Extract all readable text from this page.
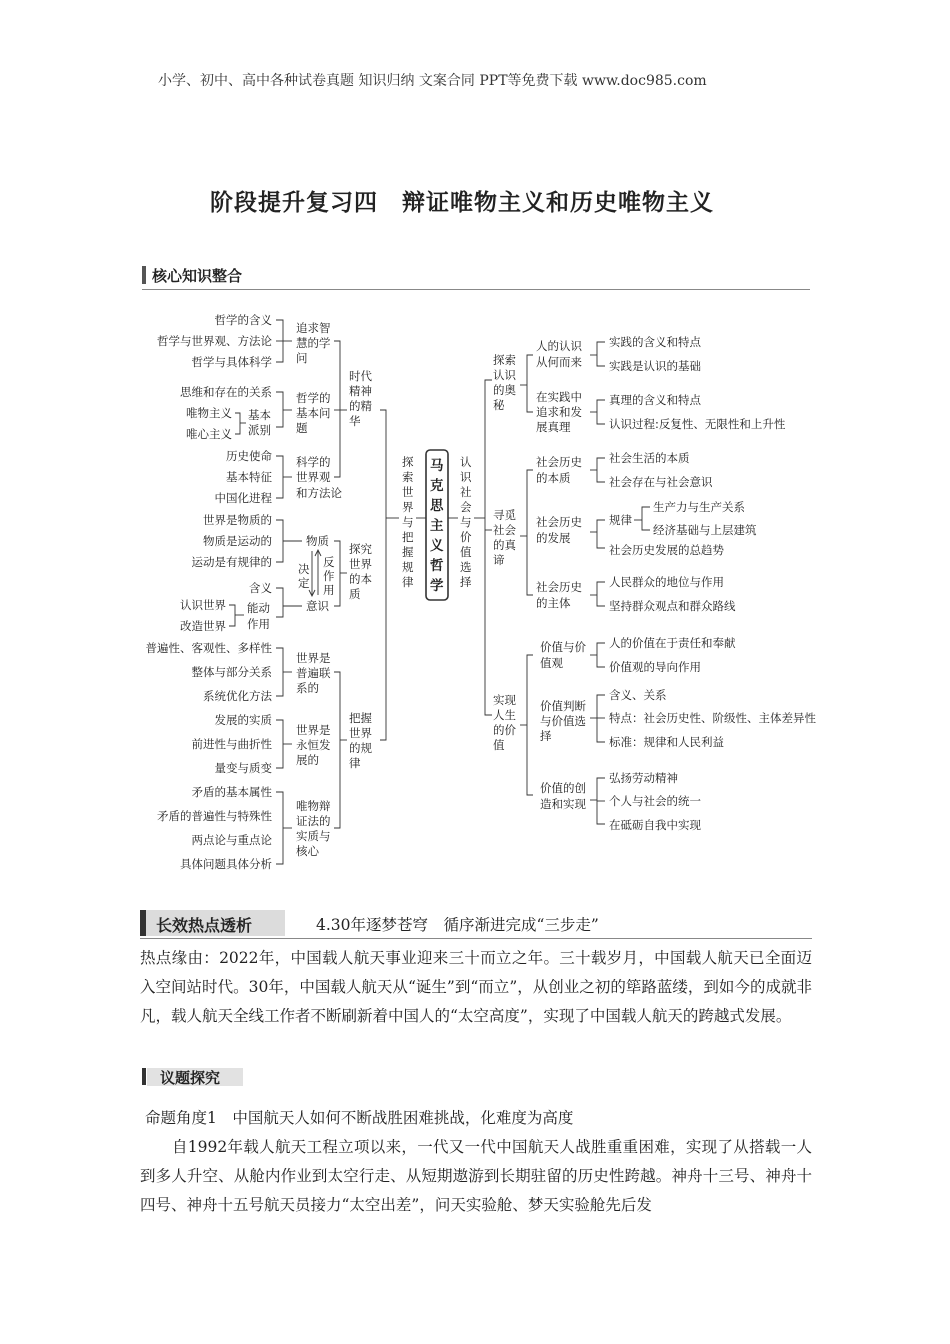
小学、初中、高中各种试卷真题 知识归纳 文案合同 PPT等免费下载 www.doc985.com
阶段提升复习四　辩证唯物主义和历史唯物主义
核心知识整合
哲学的含义
哲学与世界观、方法论
哲学与具体科学
追求智
慧的学
问
思维和存在的关系
唯物主义
唯心主义
基本
派别
哲学的
基本问
题
历史使命
基本特征
中国化进程
科学的
世界观
和方法论
时代
精神
的精
华
世界是物质的
物质是运动的
运动是有规律的
物质
决
定
反
作
用
含义
认识世界
改造世界
能动
作用
意识
探究
世界
的本
质
普遍性、客观性、多样性
整体与部分关系
系统优化方法
世界是
普遍联
系的
发展的实质
前进性与曲折性
量变与质变
世界是
永恒发
展的
矛盾的基本属性
矛盾的普遍性与特殊性
两点论与重点论
具体问题具体分析
唯物辩
证法的
实质与
核心
把握
世界
的规
律
探
索
世
界
与
把
握
规
律
马
克
思
主
义
哲
学
认
识
社
会
与
价
值
选
择
探索
认识
的奥
秘
人的认识
从何而来
实践的含义和特点
实践是认识的基础
在实践中
追求和发
展真理
真理的含义和特点
认识过程:反复性、无限性和上升性
寻觅
社会
的真
谛
社会历史
的本质
社会生活的本质
社会存在与社会意识
社会历史
的发展
规律
生产力与生产关系
经济基础与上层建筑
社会历史发展的总趋势
社会历史
的主体
人民群众的地位与作用
坚持群众观点和群众路线
实现
人生
的价
值
价值与价
值观
人的价值在于责任和奉献
价值观的导向作用
价值判断
与价值选
择
含义、关系
特点：社会历史性、阶级性、主体差异性
标准：规律和人民利益
价值的创
造和实现
弘扬劳动精神
个人与社会的统一
在砥砺自我中实现
长效热点透析	4.30年逐梦苍穹　循序渐进完成“三步走”
热点缘由：2022年，中国载人航天事业迎来三十而立之年。三十载岁月，中国载人航天已全面迈入空间站时代。30年，中国载人航天从“诞生”到“而立”，从创业之初的筚路蓝缕，到如今的成就非凡，载人航天全线工作者不断刷新着中国人的“太空高度”，实现了中国载人航天的跨越式发展。
议题探究
命题角度1　中国航天人如何不断战胜困难挑战，化难度为高度
自1992年载人航天工程立项以来，一代又一代中国航天人战胜重重困难，实现了从搭载一人到多人升空、从舱内作业到太空行走、从短期遨游到长期驻留的历史性跨越。神舟十三号、神舟十四号、神舟十五号航天员接力“太空出差”，问天实验舱、梦天实验舱先后发
